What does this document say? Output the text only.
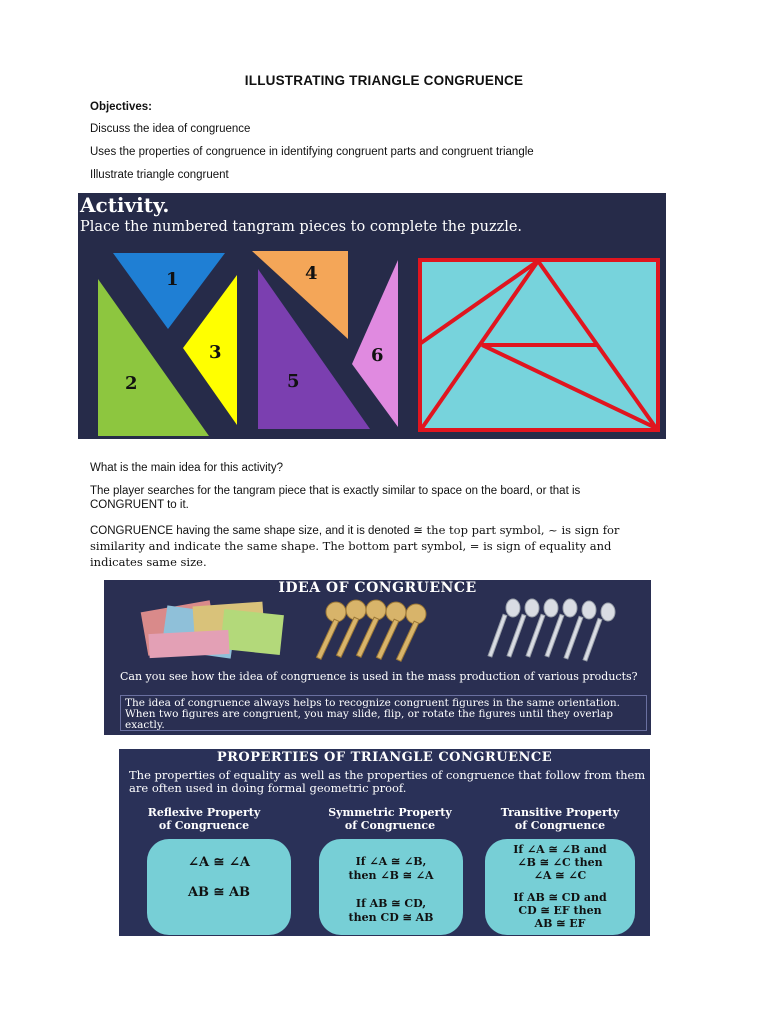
ILLUSTRATING TRIANGLE CONGRUENCE
Objectives:
Discuss the idea of congruence
Uses the properties of congruence in identifying congruent parts and congruent triangle
Illustrate triangle congruent
1
2
3
4
5
6
Activity.
Place the numbered tangram pieces to complete the puzzle.
What is the main idea for this activity?
The player searches for the tangram piece that is exactly similar to space on the board, or that is
CONGRUENT to it.
CONGRUENCE having the same shape size, and it is denoted ≅ the top part symbol, ~ is sign for
similarity and indicate the same shape. The bottom part symbol, = is sign of equality and
indicates same size.
IDEA OF CONGRUENCE
Can you see how the idea of congruence is used in the mass production of various products?
The idea of congruence always helps to recognize congruent figures in the same orientation. When two figures are congruent, you may slide, flip, or rotate the figures until they overlap exactly.
PROPERTIES OF TRIANGLE CONGRUENCE
The properties of equality as well as the properties of congruence that follow from them are often used in doing formal geometric proof.
Reflexive Property
of Congruence
Symmetric Property
of Congruence
Transitive Property
of Congruence
∠A ≅ ∠A
AB ≅ AB
If ∠A ≅ ∠B,
then ∠B ≅ ∠A
If AB ≅ CD,
then CD ≅ AB
If ∠A ≅ ∠B and
∠B ≅ ∠C then
∠A ≅ ∠C
If AB ≅ CD and
CD ≅ EF then
AB ≅ EF
